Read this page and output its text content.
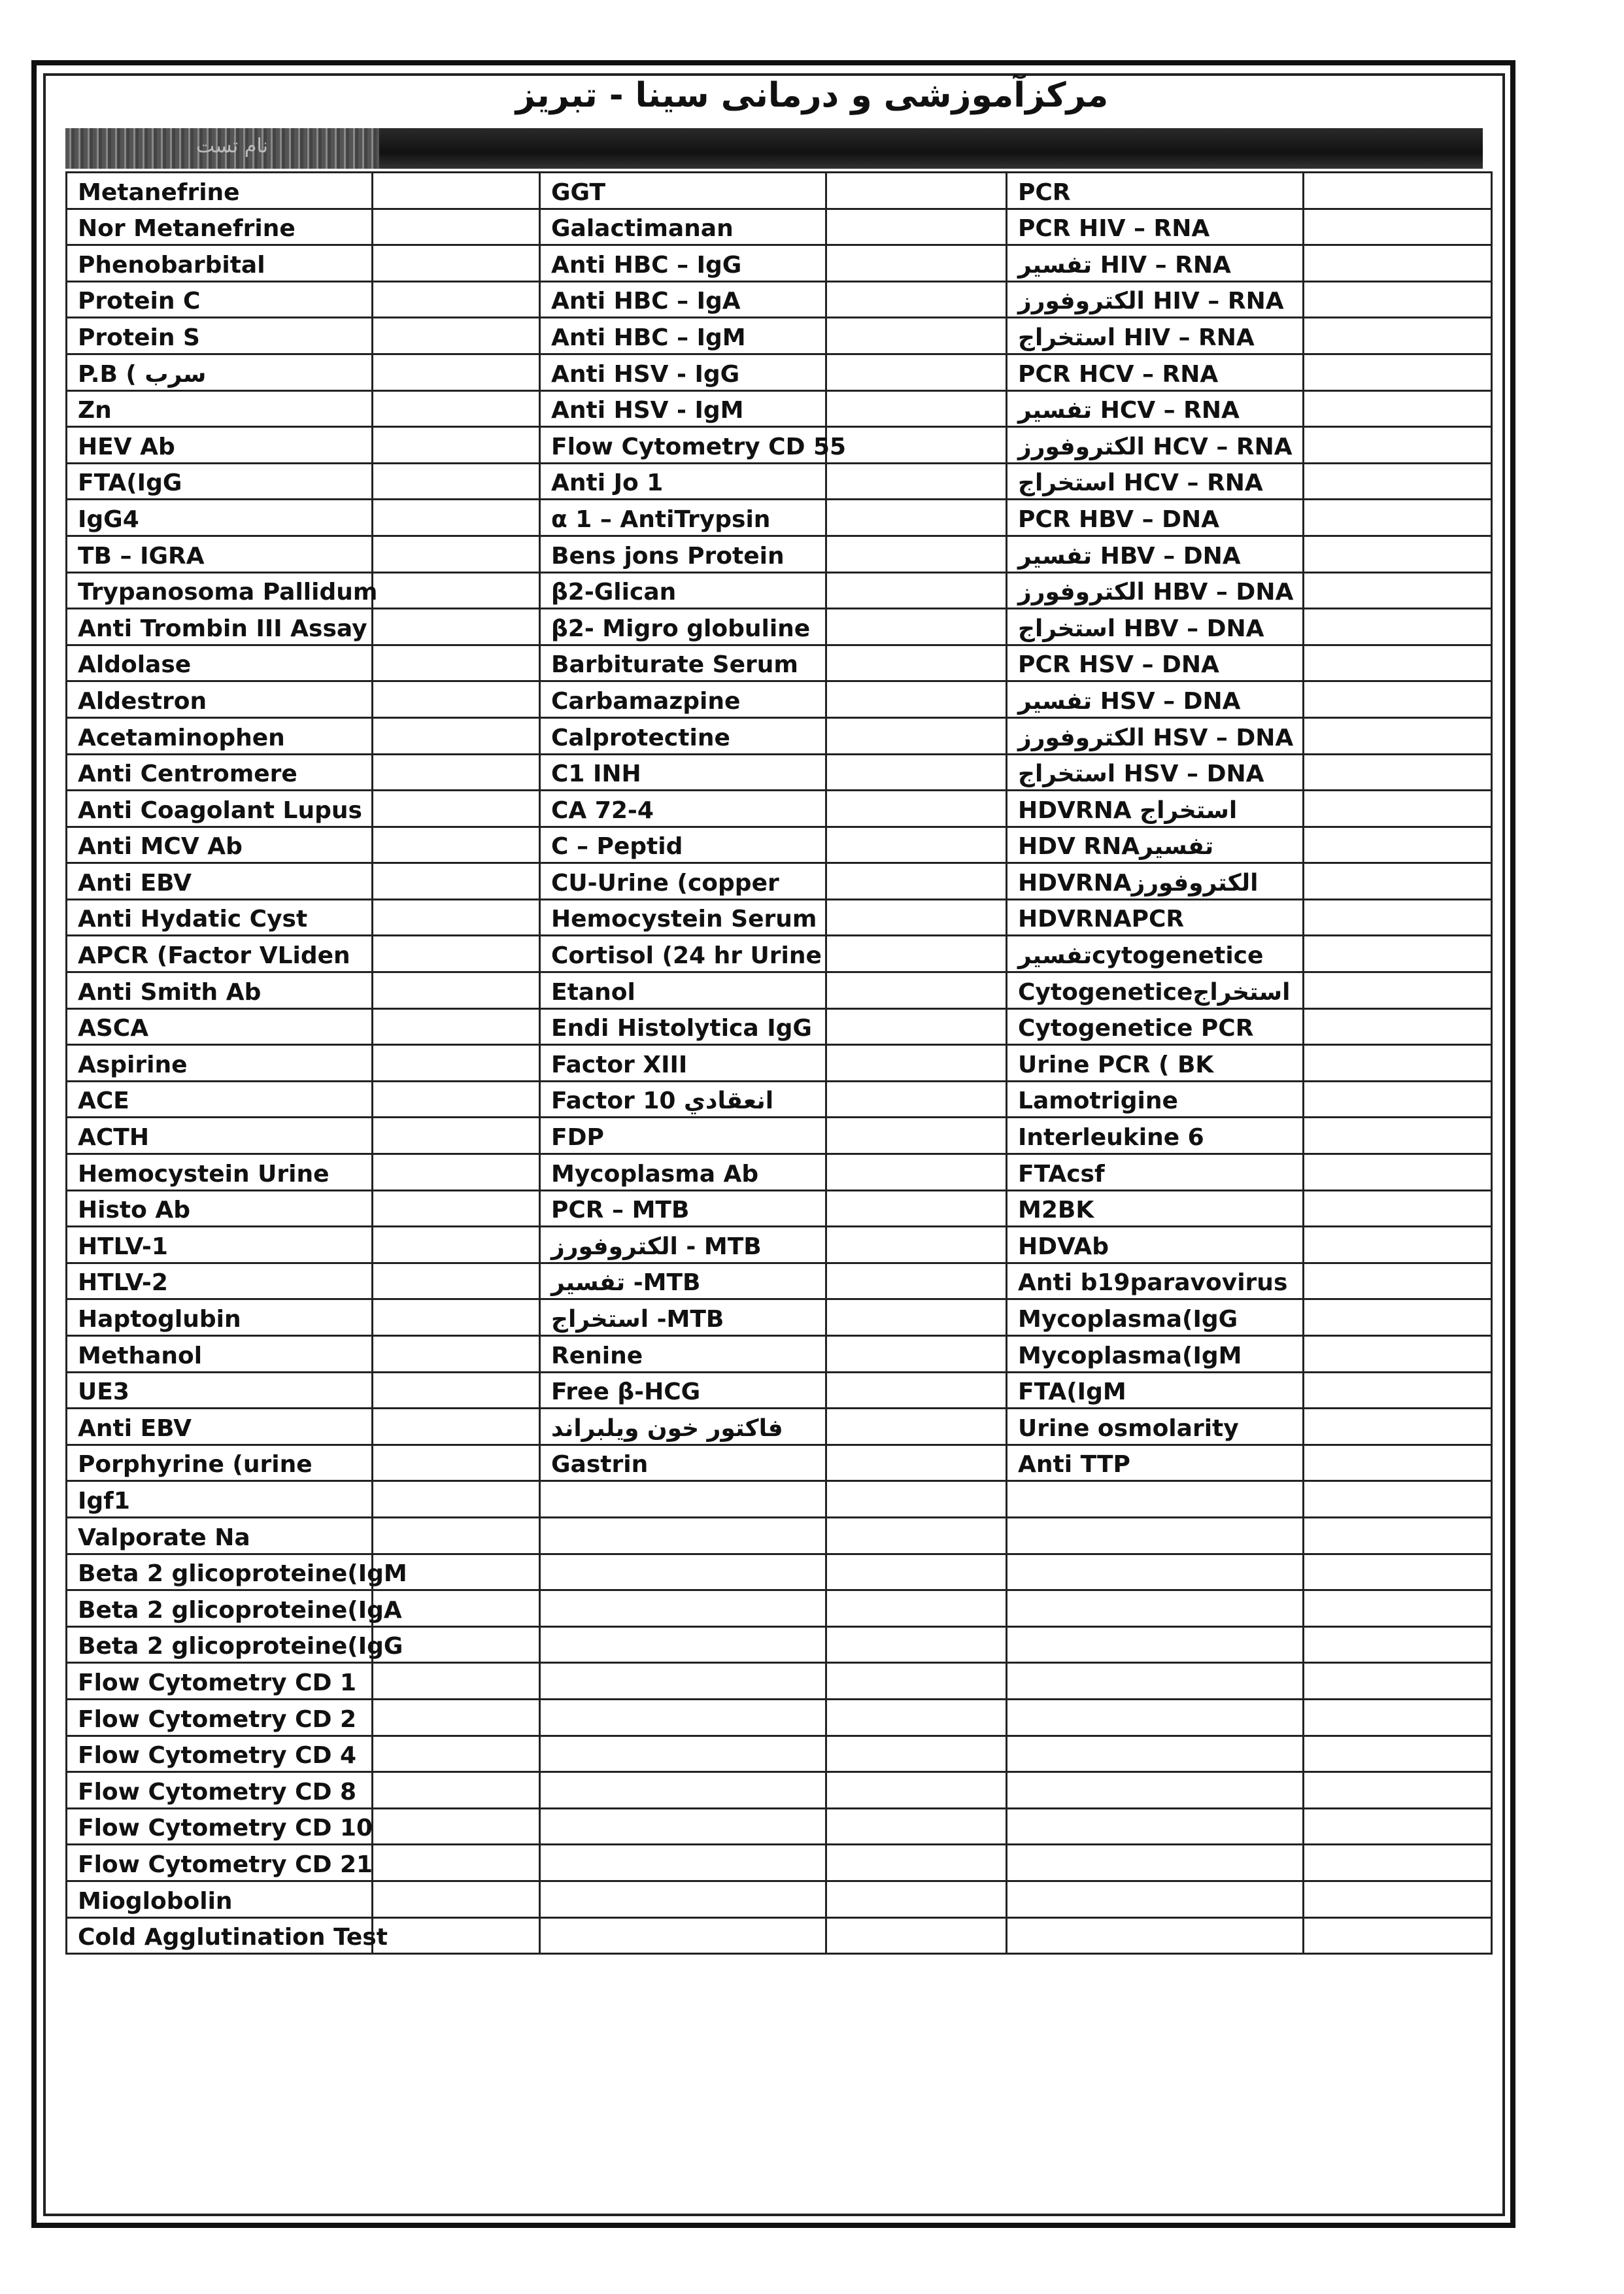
مرکزآموزشی و درمانی سینا - تبریز
نام تست
Metanefrine		GGT		PCR	
Nor Metanefrine		Galactimanan		PCR HIV – RNA	
Phenobarbital		Anti HBC – IgG		تفسیر HIV – RNA	
Protein C		Anti HBC – IgA		الکتروفورز HIV – RNA	
Protein S		Anti HBC – IgM		استخراج HIV – RNA	
P.B ( سرب		Anti HSV - IgG		PCR HCV – RNA	
Zn		Anti HSV - IgM		تفسیر HCV – RNA	
HEV Ab		Flow Cytometry CD 55		الکتروفورز HCV – RNA	
FTA(IgG		Anti Jo 1		استخراج HCV – RNA	
IgG4		α 1 – AntiTrypsin		PCR HBV – DNA	
TB – IGRA		Bens jons Protein		تفسیر HBV – DNA	
Trypanosoma Pallidum		β2-Glican		الکتروفورز HBV – DNA	
Anti Trombin III Assay		β2- Migro globuline		استخراج HBV – DNA	
Aldolase		Barbiturate Serum		PCR HSV – DNA	
Aldestron		Carbamazpine		تفسیر HSV – DNA	
Acetaminophen		Calprotectine		الکتروفورز HSV – DNA	
Anti Centromere		C1 INH		استخراج HSV – DNA	
Anti Coagolant Lupus		CA 72-4		HDVRNA استخراج	
Anti MCV Ab		C – Peptid		HDV RNAتفسیر	
Anti EBV		CU-Urine (copper		HDVRNAالکتروفورز	
Anti Hydatic Cyst		Hemocystein Serum		HDVRNAPCR	
APCR (Factor VLiden		Cortisol (24 hr Urine		تفسیرcytogenetice	
Anti Smith Ab		Etanol		Cytogeneticeاستخراج	
ASCA		Endi Histolytica IgG		Cytogenetice PCR	
Aspirine		Factor XIII		Urine PCR ( BK	
ACE		Factor 10 انعقادي		Lamotrigine	
ACTH		FDP		Interleukine 6	
Hemocystein Urine		Mycoplasma Ab		FTAcsf	
Histo Ab		PCR – MTB		M2BK	
HTLV-1		الکتروفورز - MTB		HDVAb	
HTLV-2		تفسیر -MTB		Anti b19paravovirus	
Haptoglubin		استخراج -MTB		Mycoplasma(IgG	
Methanol		Renine		Mycoplasma(IgM	
UE3		Free β-HCG		FTA(IgM	
Anti EBV		فاکتور خون ویلبراند		Urine osmolarity	
Porphyrine (urine		Gastrin		Anti TTP	
Igf1					
Valporate Na					
Beta 2 glicoproteine(IgM					
Beta 2 glicoproteine(IgA					
Beta 2 glicoproteine(IgG					
Flow Cytometry CD 1					
Flow Cytometry CD 2					
Flow Cytometry CD 4					
Flow Cytometry CD 8					
Flow Cytometry CD 10					
Flow Cytometry CD 21					
Mioglobolin					
Cold Agglutination Test					
